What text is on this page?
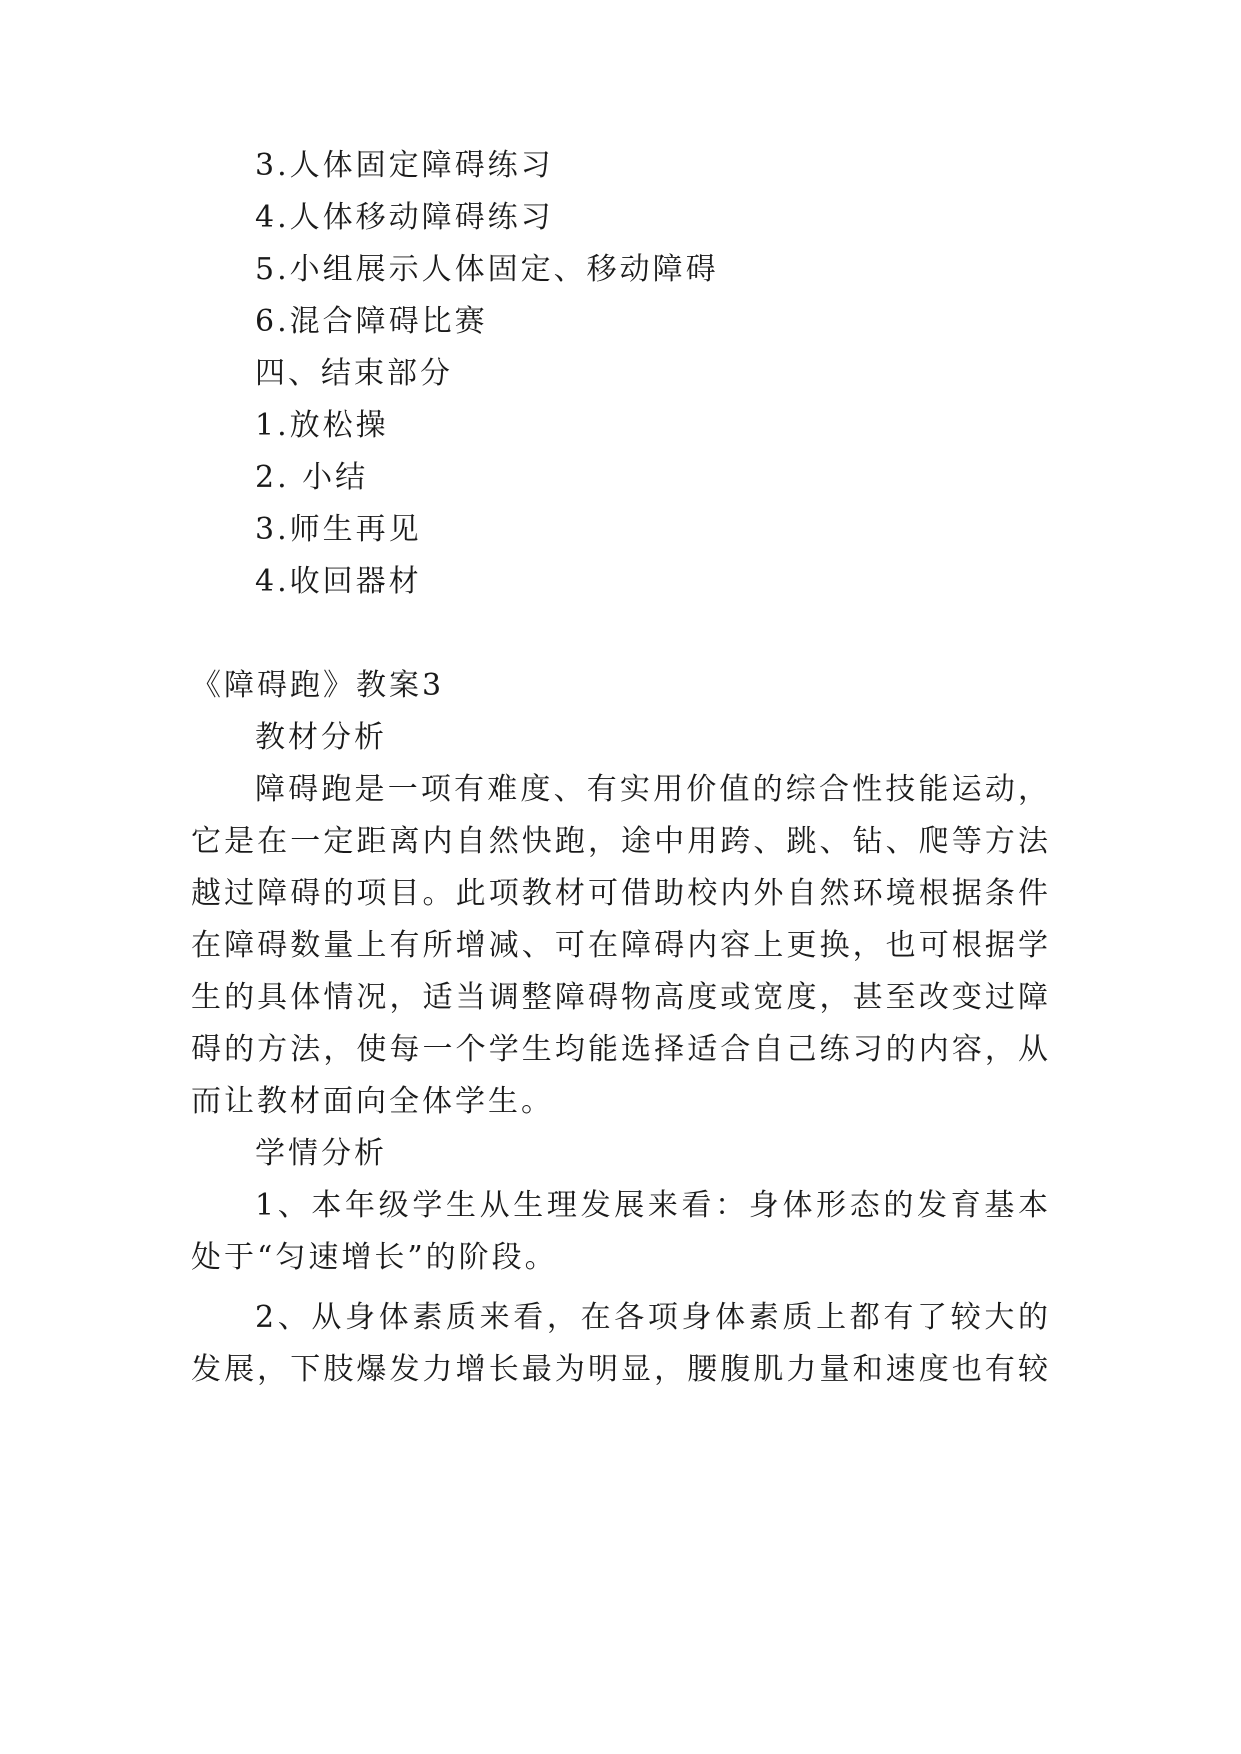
3.人体固定障碍练习
4.人体移动障碍练习
5.小组展示人体固定、移动障碍
6.混合障碍比赛
四、结束部分
1.放松操
2. 小结
3.师生再见
4.收回器材
《障碍跑》教案3
教材分析
障碍跑是一项有难度、有实用价值的综合性技能运动，
它是在一定距离内自然快跑，途中用跨、跳、钻、爬等方法
越过障碍的项目。此项教材可借助校内外自然环境根据条件
在障碍数量上有所增减、可在障碍内容上更换，也可根据学
生的具体情况，适当调整障碍物高度或宽度，甚至改变过障
碍的方法，使每一个学生均能选择适合自己练习的内容，从
而让教材面向全体学生。
学情分析
1、本年级学生从生理发展来看：身体形态的发育基本
处于“匀速增长”的阶段。
2、从身体素质来看，在各项身体素质上都有了较大的
发展，下肢爆发力增长最为明显，腰腹肌力量和速度也有较
